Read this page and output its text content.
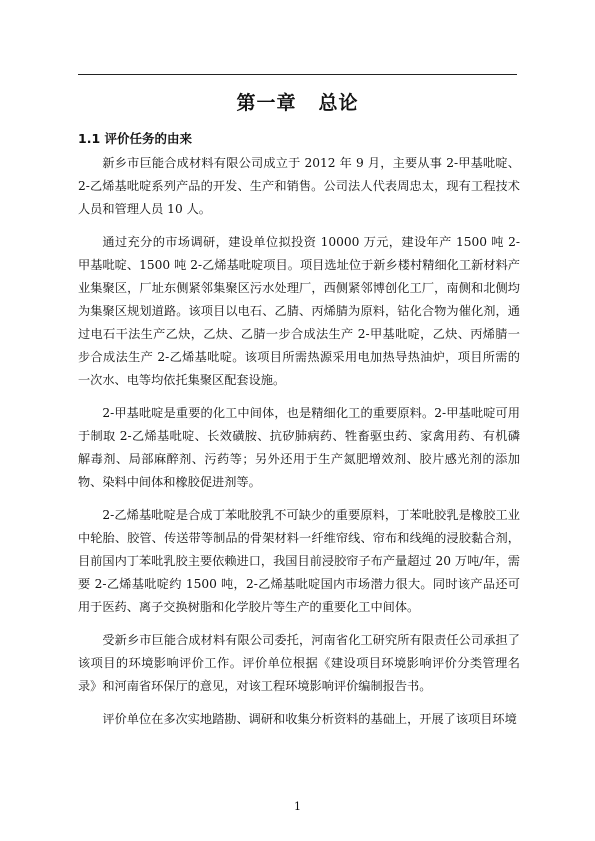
第一章 总论
1.1 评价任务的由来

新乡市巨能合成材料有限公司成立于 2012 年 9 月，主要从事 2-甲基吡啶、2-乙烯基吡啶系列产品的开发、生产和销售。公司法人代表周忠太，现有工程技术人员和管理人员 10 人。

通过充分的市场调研，建设单位拟投资 10000 万元，建设年产 1500 吨 2-甲基吡啶、1500 吨 2-乙烯基吡啶项目。项目选址位于新乡楼村精细化工新材料产业集聚区，厂址东侧紧邻集聚区污水处理厂，西侧紧邻博创化工厂，南侧和北侧均为集聚区规划道路。该项目以电石、乙腈、丙烯腈为原料，钴化合物为催化剂，通过电石干法生产乙炔，乙炔、乙腈一步合成法生产 2-甲基吡啶，乙炔、丙烯腈一步合成法生产 2-乙烯基吡啶。该项目所需热源采用电加热导热油炉，项目所需的一次水、电等均依托集聚区配套设施。

2-甲基吡啶是重要的化工中间体，也是精细化工的重要原料。2-甲基吡啶可用于制取 2-乙烯基吡啶、长效磺胺、抗矽肺病药、牲畜驱虫药、家禽用药、有机磷解毒剂、局部麻醉剂、污药等；另外还用于生产氮肥增效剂、胶片感光剂的添加物、染料中间体和橡胶促进剂等。

2-乙烯基吡啶是合成丁苯吡胶乳不可缺少的重要原料，丁苯吡胶乳是橡胶工业中轮胎、胶管、传送带等制品的骨架材料一纤维帘线、帘布和线绳的浸胶黏合剂，目前国内丁苯吡乳胶主要依赖进口，我国目前浸胶帘子布产量超过 20 万吨/年，需要 2-乙烯基吡啶约 1500 吨，2-乙烯基吡啶国内市场潜力很大。同时该产品还可用于医药、离子交换树脂和化学胶片等生产的重要化工中间体。

受新乡市巨能合成材料有限公司委托，河南省化工研究所有限责任公司承担了该项目的环境影响评价工作。评价单位根据《建设项目环境影响评价分类管理名录》和河南省环保厅的意见，对该工程环境影响评价编制报告书。

评价单位在多次实地踏勘、调研和收集分析资料的基础上，开展了该项目环境

1
